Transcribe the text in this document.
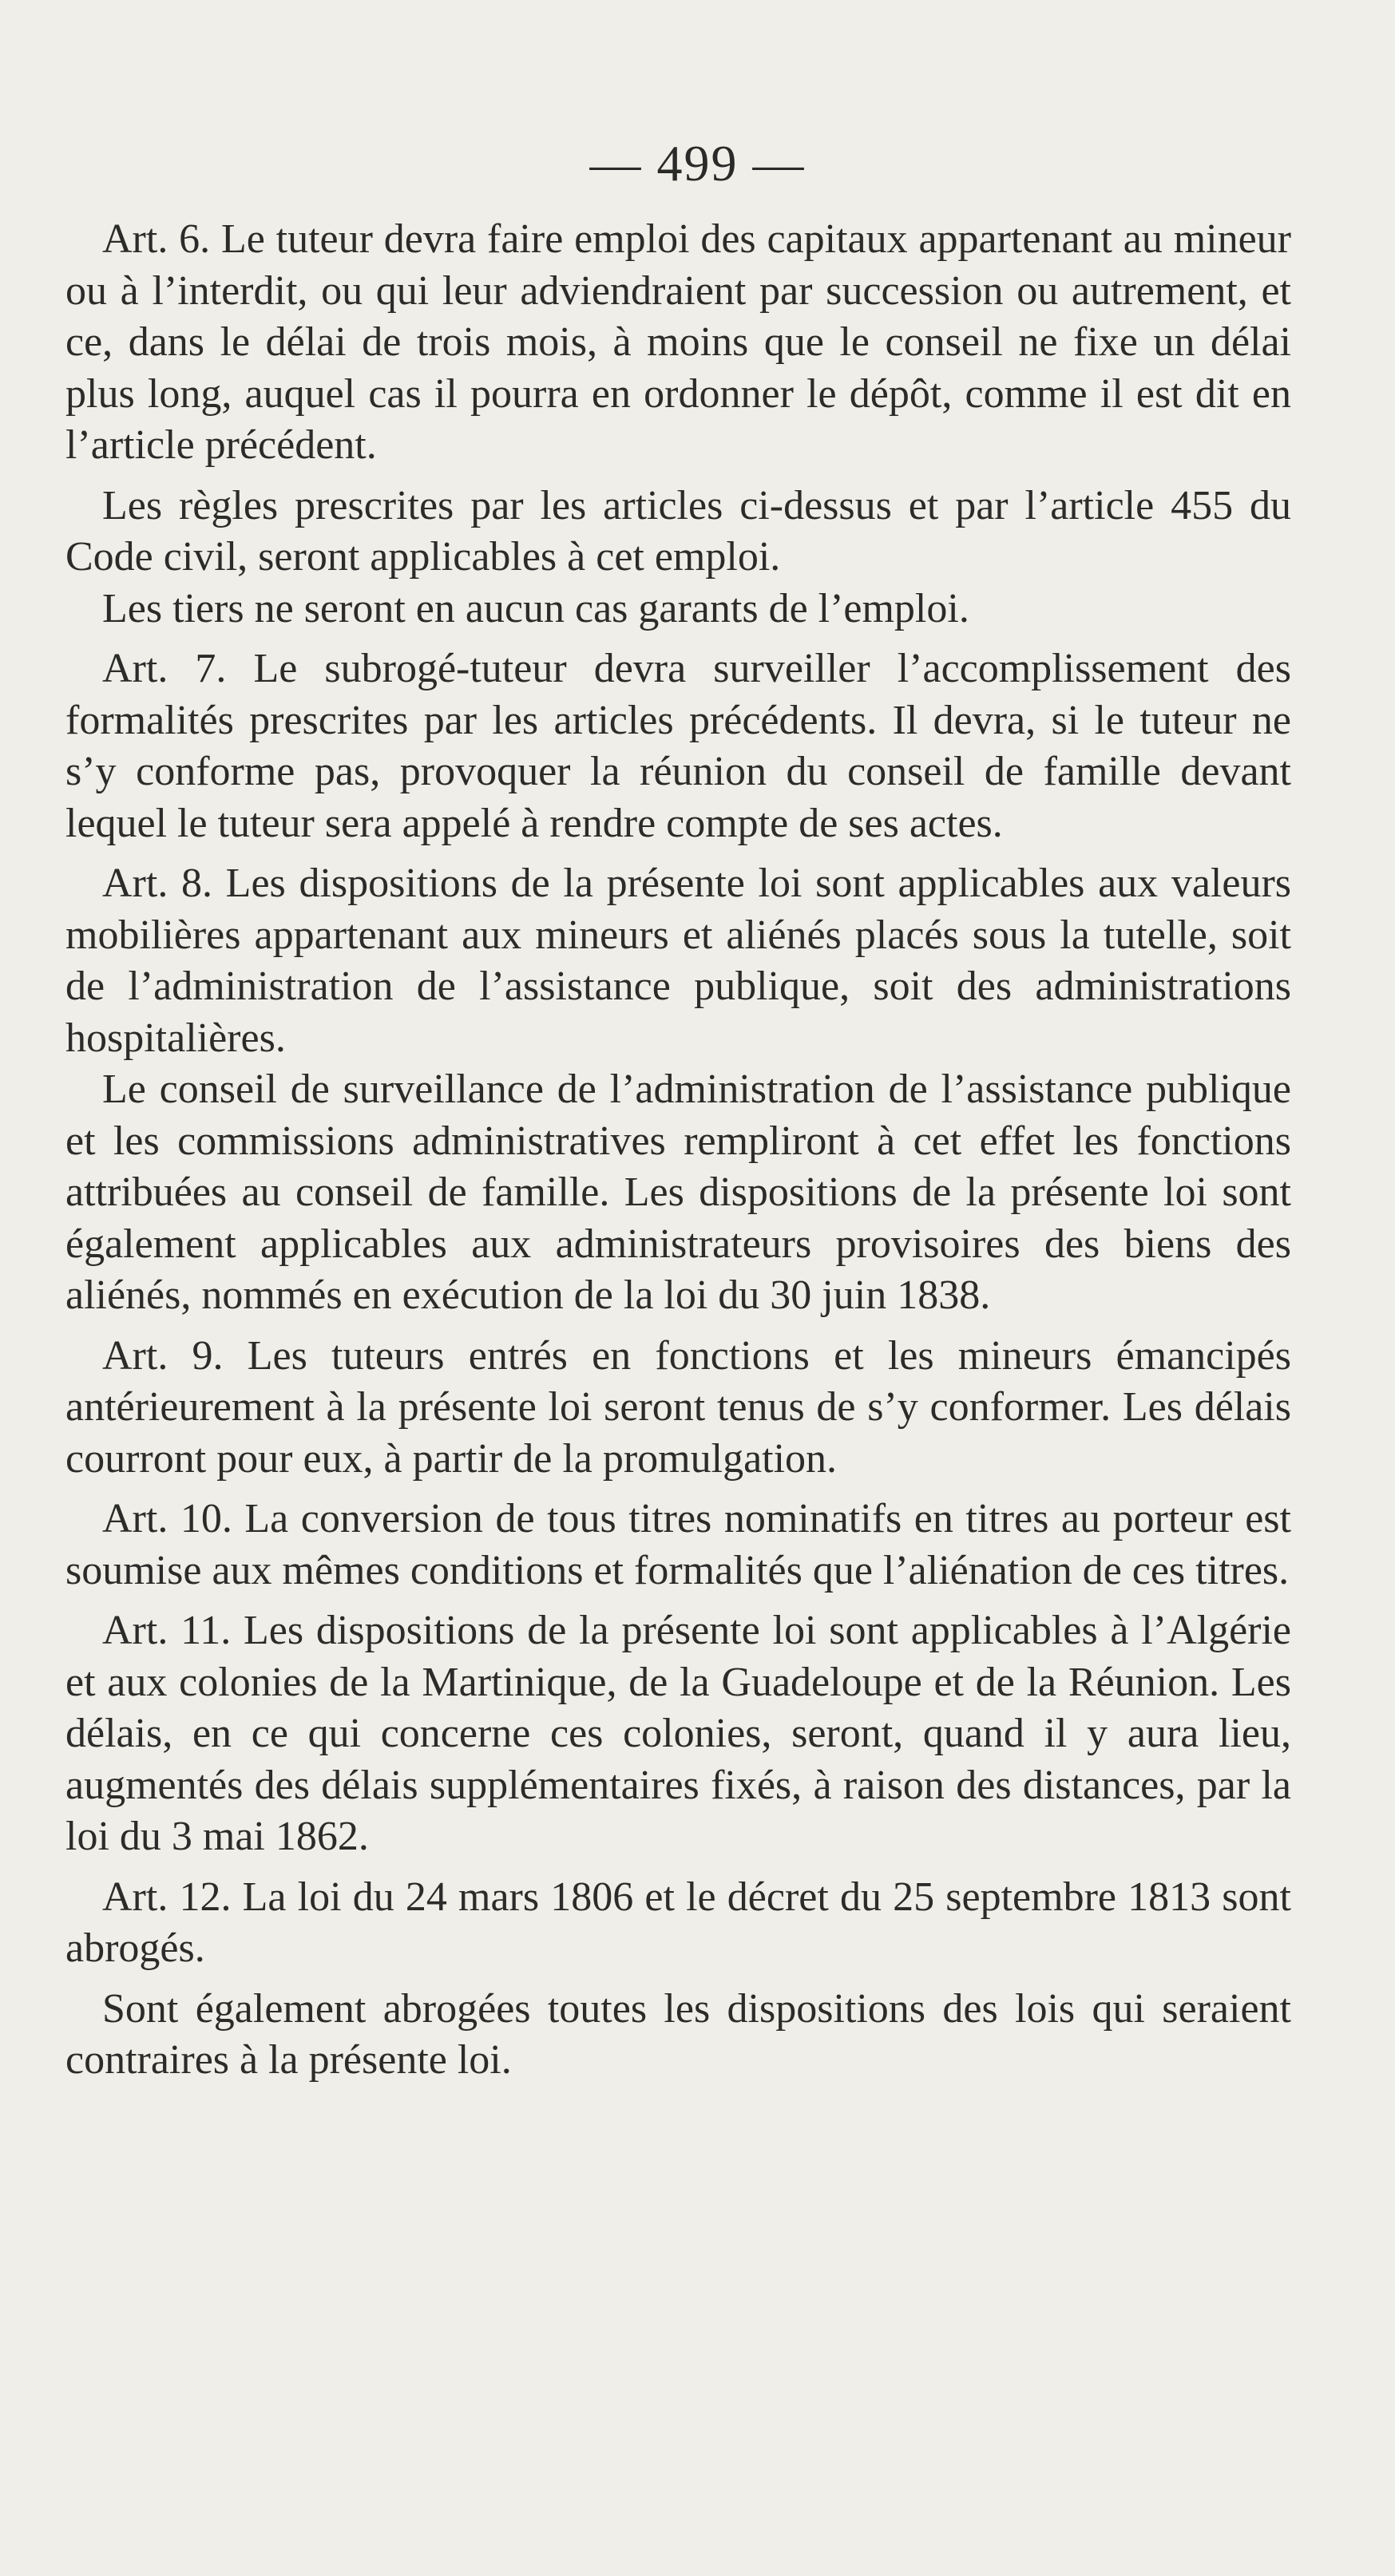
— 499 —

Art. 6. Le tuteur devra faire emploi des capitaux appartenant au mineur ou à l’interdit, ou qui leur adviendraient par succession ou autrement, et ce, dans le délai de trois mois, à moins que le conseil ne fixe un délai plus long, auquel cas il pourra en ordonner le dépôt, comme il est dit en l’article précédent.

Les règles prescrites par les articles ci-dessus et par l’article 455 du Code civil, seront applicables à cet emploi.

Les tiers ne seront en aucun cas garants de l’emploi.

Art. 7. Le subrogé-tuteur devra surveiller l’accomplissement des formalités prescrites par les articles précédents. Il devra, si le tuteur ne s’y conforme pas, provoquer la réunion du conseil de famille devant lequel le tuteur sera appelé à rendre compte de ses actes.

Art. 8. Les dispositions de la présente loi sont applicables aux valeurs mobilières appartenant aux mineurs et aliénés placés sous la tutelle, soit de l’administration de l’assistance publique, soit des administrations hospitalières.

Le conseil de surveillance de l’administration de l’assistance publique et les commissions administratives rempliront à cet effet les fonctions attribuées au conseil de famille. Les dispositions de la présente loi sont également applicables aux administrateurs provisoires des biens des aliénés, nommés en exécution de la loi du 30 juin 1838.

Art. 9. Les tuteurs entrés en fonctions et les mineurs émancipés antérieurement à la présente loi seront tenus de s’y conformer. Les délais courront pour eux, à partir de la promulgation.

Art. 10. La conversion de tous titres nominatifs en titres au porteur est soumise aux mêmes conditions et formalités que l’aliénation de ces titres.

Art. 11. Les dispositions de la présente loi sont applicables à l’Algérie et aux colonies de la Martinique, de la Guadeloupe et de la Réunion. Les délais, en ce qui concerne ces colonies, seront, quand il y aura lieu, augmentés des délais supplémentaires fixés, à raison des distances, par la loi du 3 mai 1862.

Art. 12. La loi du 24 mars 1806 et le décret du 25 septembre 1813 sont abrogés.

Sont également abrogées toutes les dispositions des lois qui seraient contraires à la présente loi.
